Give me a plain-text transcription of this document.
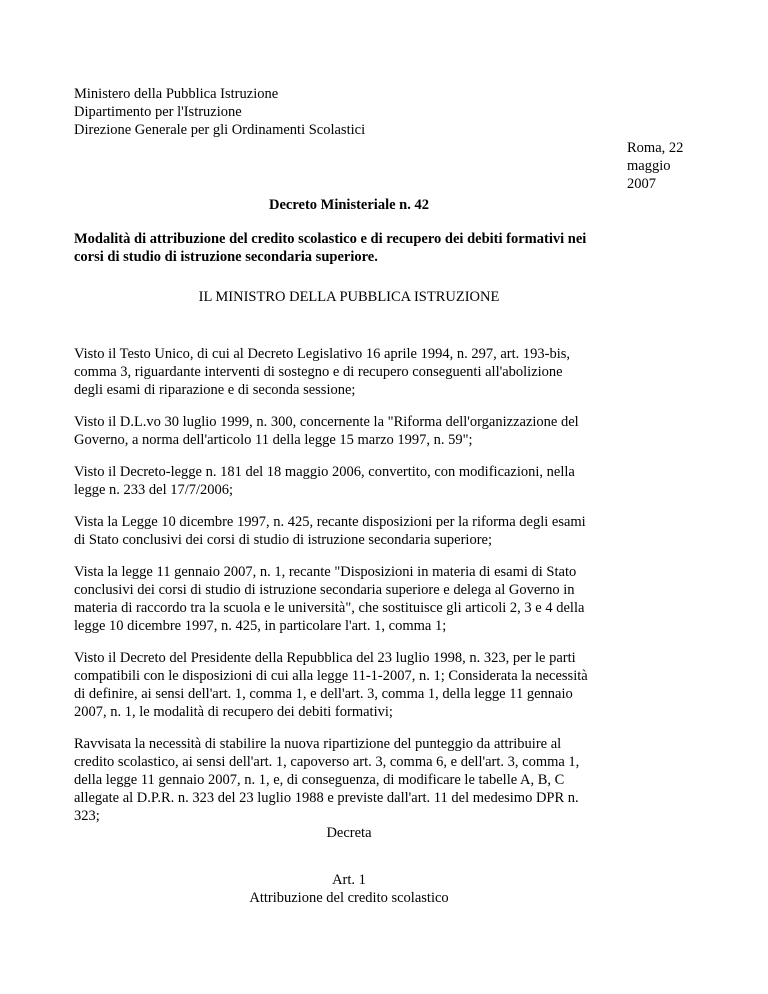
Ministero della Pubblica Istruzione
Dipartimento per l'Istruzione
Direzione Generale per gli Ordinamenti Scolastici
Roma, 22
maggio
2007
Decreto Ministeriale n. 42
Modalità di attribuzione del credito scolastico e di recupero dei debiti formativi nei
corsi di studio di istruzione secondaria superiore.
IL MINISTRO DELLA PUBBLICA ISTRUZIONE

Visto il Testo Unico, di cui al Decreto Legislativo 16 aprile 1994, n. 297, art. 193-bis,
comma 3, riguardante interventi di sostegno e di recupero conseguenti all'abolizione
degli esami di riparazione e di seconda sessione;

Visto il D.L.vo 30 luglio 1999, n. 300, concernente la "Riforma dell'organizzazione del
Governo, a norma dell'articolo 11 della legge 15 marzo 1997, n. 59";

Visto il Decreto-legge n. 181 del 18 maggio 2006, convertito, con modificazioni, nella
legge n. 233 del 17/7/2006;

Vista la Legge 10 dicembre 1997, n. 425, recante disposizioni per la riforma degli esami
di Stato conclusivi dei corsi di studio di istruzione secondaria superiore;

Vista la legge 11 gennaio 2007, n. 1, recante "Disposizioni in materia di esami di Stato
conclusivi dei corsi di studio di istruzione secondaria superiore e delega al Governo in
materia di raccordo tra la scuola e le università", che sostituisce gli articoli 2, 3 e 4 della
legge 10 dicembre 1997, n. 425, in particolare l'art. 1, comma 1;

Visto il Decreto del Presidente della Repubblica del 23 luglio 1998, n. 323, per le parti
compatibili con le disposizioni di cui alla legge 11-1-2007, n. 1; Considerata la necessità
di definire, ai sensi dell'art. 1, comma 1, e dell'art. 3, comma 1, della legge 11 gennaio
2007, n. 1, le modalità di recupero dei debiti formativi;

Ravvisata la necessità di stabilire la nuova ripartizione del punteggio da attribuire al
credito scolastico, ai sensi dell'art. 1, capoverso art. 3, comma 6, e dell'art. 3, comma 1,
della legge 11 gennaio 2007, n. 1, e, di conseguenza, di modificare le tabelle A, B, C
allegate al D.P.R. n. 323 del 23 luglio 1988 e previste dall'art. 11 del medesimo DPR n.
323;

Decreta
Art. 1
Attribuzione del credito scolastico
